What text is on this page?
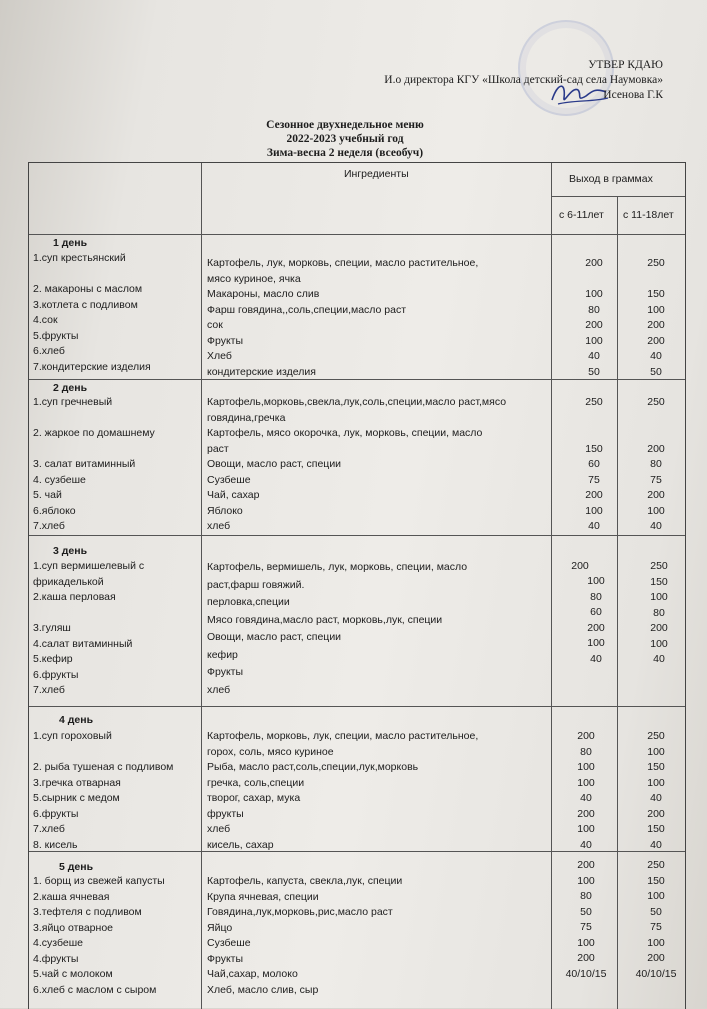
УТВЕР КДАЮ
И.о директора КГУ «Школа детский-сад села Наумовка»
Исенова Г.К
Сезонное двухнедельное меню
2022-2023 учебный год
Зима-весна 2 неделя (всеобуч)
Ингредиенты	Выход в граммах
с 6-11лет с 11-18лет
1 день
1.суп крестьянский
2. макароны с маслом
3.котлета с подливом
4.сок
5.фрукты
6.хлеб
7.кондитерские изделия
Картофель, лук, морковь, специи, масло растительное,
мясо куриное, ячка
Макароны, масло слив
Фарш говядина,,соль,специи,масло раст
сок
Фрукты
Хлеб
кондитерские изделия
200
100
80
200
100
40
50
250
150
100
200
200
40
50
2 день
1.суп гречневый
2. жаркое по домашнему
3. салат витаминный
4. сузбеше
5. чай
6.яблоко
7.хлеб
Картофель,морковь,свекла,лук,соль,специи,масло раст,мясо
говядина,гречка
Картофель, мясо окорочка, лук, морковь, специи, масло
раст
Овощи, масло раст, специи
Сузбеше
Чай, сахар
Яблоко
хлеб
250
150
60
75
200
100
40
250
200
80
75
200
100
40
3 день
1.суп вермишелевый с
фрикаделькой
2.каша перловая
3.гуляш
4.салат витаминный
5.кефир
6.фрукты
7.хлеб
Картофель, вермишель, лук, морковь, специи, масло
раст,фарш говяжий.
перловка,специи
Мясо говядина,масло раст, морковь,лук, специи
Овощи, масло раст, специи
кефир
Фрукты
хлеб
200
100
80
60
200
100
40
250
150
100
80
200
100
40
4 день
1.суп гороховый
2. рыба тушеная с подливом
3.гречка отварная
5.сырник с медом
6.фрукты
7.хлеб
8. кисель
Картофель, морковь, лук, специи, масло растительное,
горох, соль, мясо куриное
Рыба, масло раст,соль,специи,лук,морковь
гречка, соль,специи
творог, сахар, мука
фрукты
хлеб
кисель, сахар
200
80
100
100
40
200
100
40
250
100
150
100
40
200
150
40
5 день
1. борщ из свежей капусты
2.каша ячневая
3.тефтеля с подливом
3.яйцо отварное
4.сузбеше
4.фрукты
5.чай с молоком
6.хлеб с маслом с сыром
Картофель, капуста, свекла,лук, специи
Крупа ячневая, специи
Говядина,лук,морковь,рис,масло раст
Яйцо
Сузбеше
Фрукты
Чай,сахар, молоко
Хлеб, масло слив, сыр
200
100
80
50
75
100
200
40/10/15
250
150
100
50
75
100
200
40/10/15
